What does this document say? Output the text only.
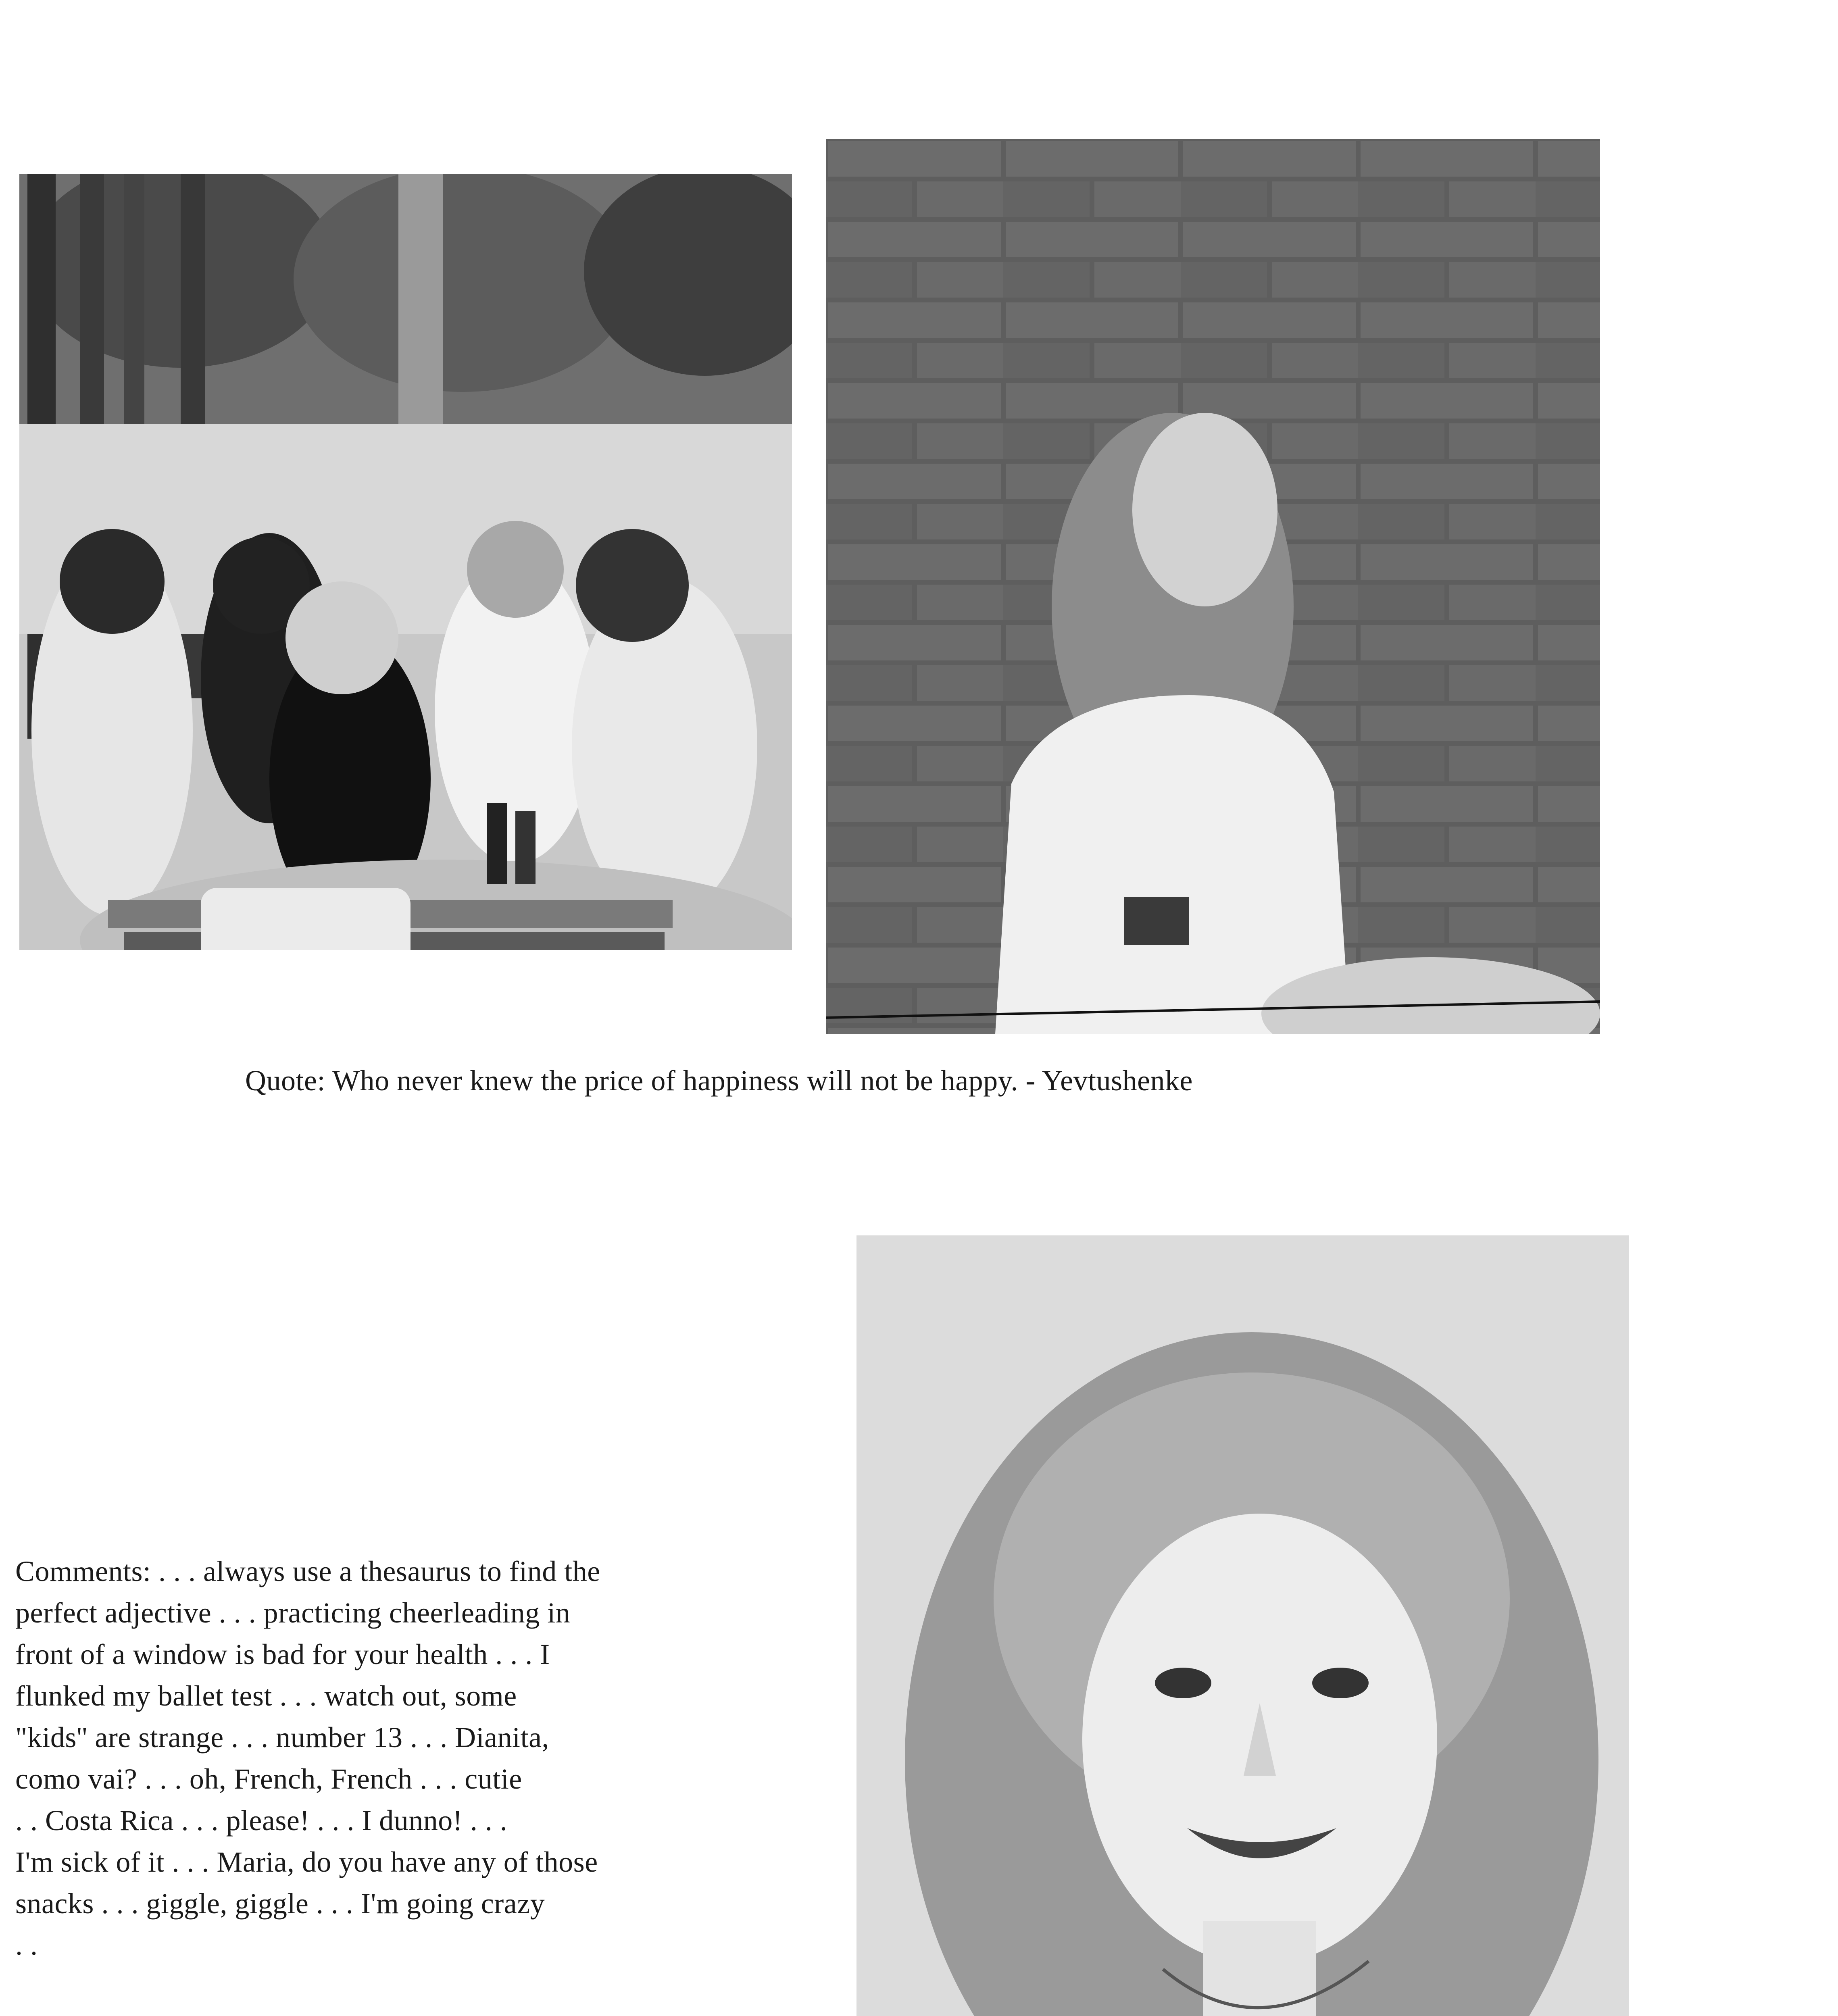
Quote: Who never knew the price of happiness will not be happy. - Yevtushenke
Comments: . . . always use a thesaurus to find the
perfect adjective . . . practicing cheerleading in
front of a window is bad for your health . . . I
flunked my ballet test . . . watch out, some
"kids'' are strange . . . number 13 . . . Dianita,
como vai? . . . oh, French, French . . . cutie
. . Costa Rica . . . please! . . . I dunno! . . .
I'm sick of it . . . Maria, do you have any of those
snacks . . . giggle, giggle . . . I'm going crazy
. .
